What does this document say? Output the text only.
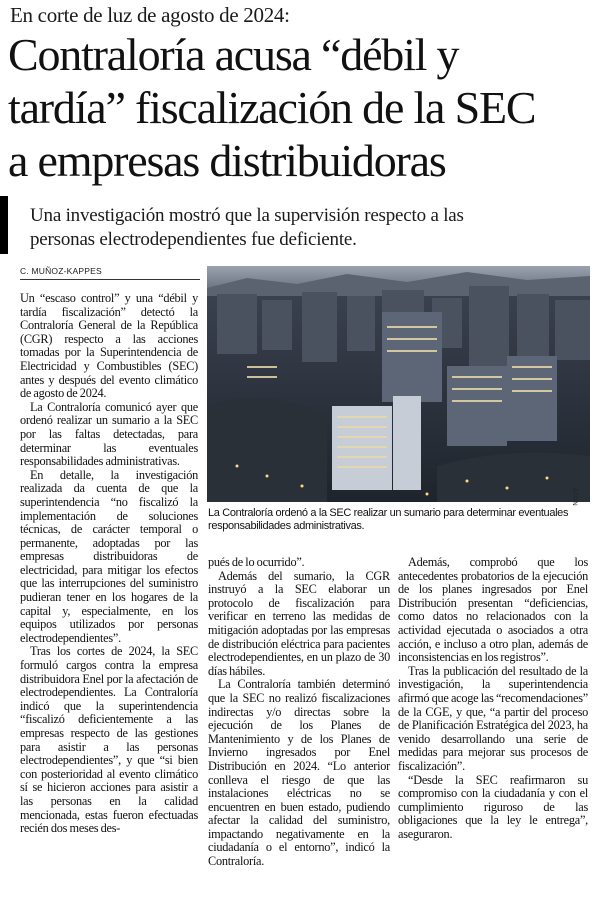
En corte de luz de agosto de 2024:
Contraloría acusa “débil y
tardía” fiscalización de la SEC
a empresas distribuidoras
Una investigación mostró que la supervisión respecto a las
personas electrodependientes fue deficiente.
C. MUÑOZ-KAPPES

Un “escaso control” y una “débil y tardía fiscalización” detectó la Contraloría General de la República (CGR) respecto a las acciones tomadas por la Superintendencia de Electricidad y Combustibles (SEC) antes y después del evento climático de agosto de 2024.

La Contraloría comunicó ayer que ordenó realizar un sumario a la SEC por las faltas detectadas, para determinar las eventuales responsabilidades administrativas.

En detalle, la investigación realizada da cuenta de que la superintendencia “no fiscalizó la implementación de soluciones técnicas, de carácter temporal o permanente, adoptadas por las empresas distribuidoras de electricidad, para mitigar los efectos que las interrupciones del suministro pudieran tener en los hogares de la capital y, especialmente, en los equipos utilizados por personas electrodependientes”.

Tras los cortes de 2024, la SEC formuló cargos contra la empresa distribuidora Enel por la afectación de electrodependientes. La Contraloría indicó que la superintendencia “fiscalizó deficientemente a las empresas respecto de las gestiones para asistir a las personas electrodependientes”, y que “si bien con posterioridad al evento climático sí se hicieron acciones para asistir a las personas en la calidad mencionada, estas fueron efectuadas recién dos meses des-

ATON
La Contraloría ordenó a la SEC realizar un sumario para determinar eventuales responsabilidades administrativas.

pués de lo ocurrido”.

Además del sumario, la CGR instruyó a la SEC elaborar un protocolo de fiscalización para verificar en terreno las medidas de mitigación adoptadas por las empresas de distribución eléctrica para pacientes electrodependientes, en un plazo de 30 días hábiles.

La Contraloría también determinó que la SEC no realizó fiscalizaciones indirectas y/o directas sobre la ejecución de los Planes de Mantenimiento y de los Planes de Invierno ingresados por Enel Distribución en 2024. “Lo anterior conlleva el riesgo de que las instalaciones eléctricas no se encuentren en buen estado, pudiendo afectar la calidad del suministro, impactando negativamente en la ciudadanía o el entorno”, indicó la Contraloría.

Además, comprobó que los antecedentes probatorios de la ejecución de los planes ingresados por Enel Distribución presentan “deficiencias, como datos no relacionados con la actividad ejecutada o asociados a otra acción, e incluso a otro plan, además de inconsistencias en los registros”.

Tras la publicación del resultado de la investigación, la superintendencia afirmó que acoge las “recomendaciones” de la CGE, y que, “a partir del proceso de Planificación Estratégica del 2023, ha venido desarrollando una serie de medidas para mejorar sus procesos de fiscalización”.

“Desde la SEC reafirmaron su compromiso con la ciudadanía y con el cumplimiento riguroso de las obligaciones que la ley le entrega”, aseguraron.
